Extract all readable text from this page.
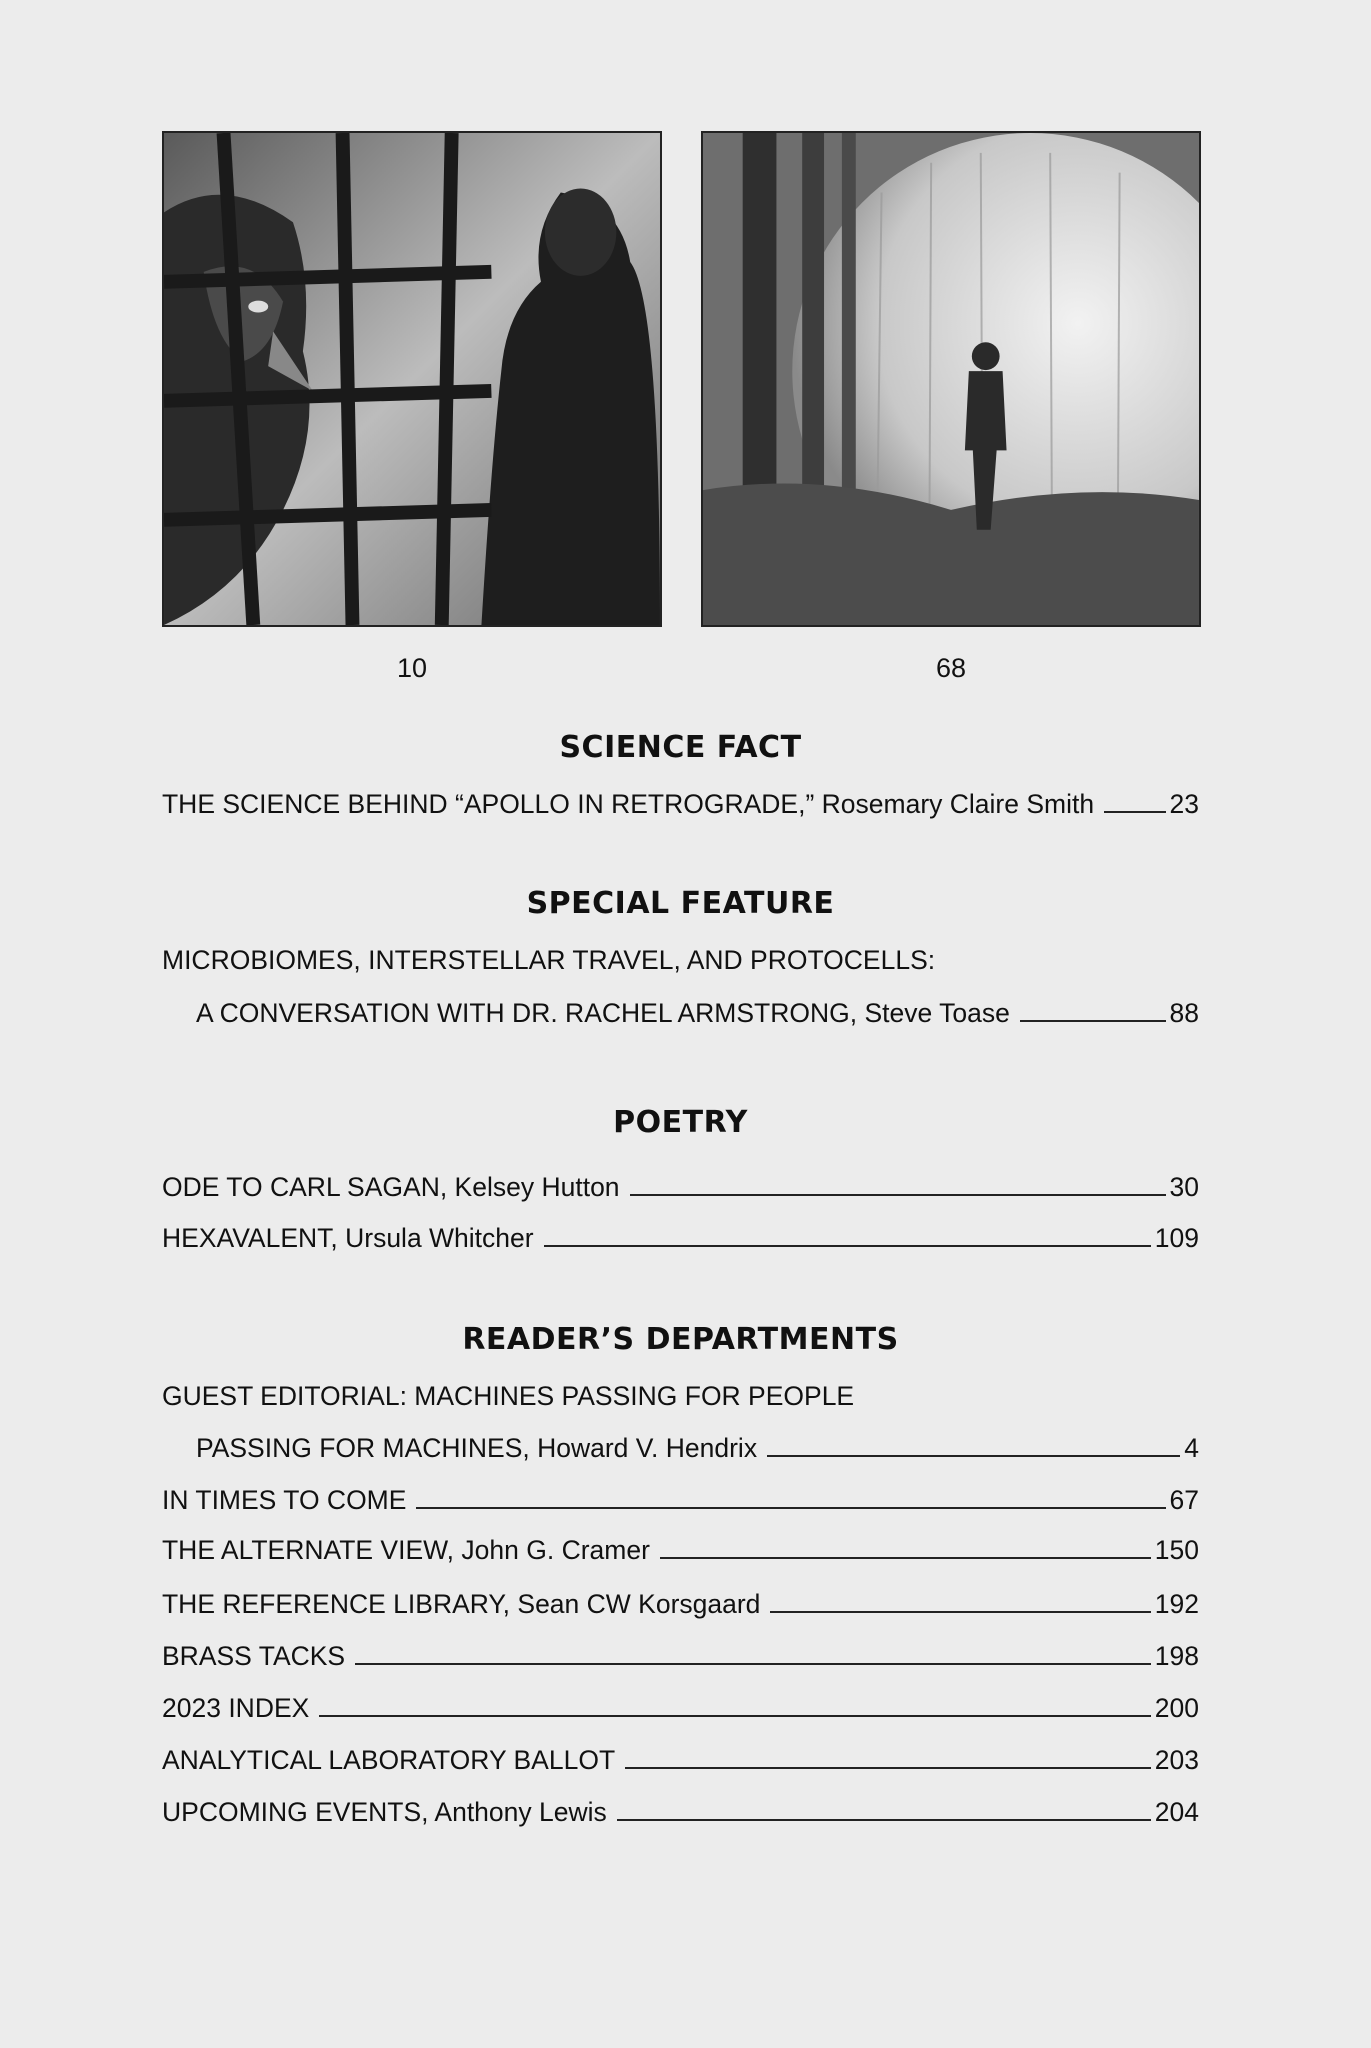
10	68
SCIENCE FACT
THE SCIENCE BEHIND “APOLLO IN RETROGRADE,” Rosemary Claire Smith	23
SPECIAL FEATURE
MICROBIOMES, INTERSTELLAR TRAVEL, AND PROTOCELLS:
A CONVERSATION WITH DR. RACHEL ARMSTRONG, Steve Toase	88
POETRY
ODE TO CARL SAGAN, Kelsey Hutton	30
HEXAVALENT, Ursula Whitcher	109
READER’S DEPARTMENTS
GUEST EDITORIAL: MACHINES PASSING FOR PEOPLE
PASSING FOR MACHINES, Howard V. Hendrix	4
IN TIMES TO COME	67
THE ALTERNATE VIEW, John G. Cramer	150
THE REFERENCE LIBRARY, Sean CW Korsgaard	192
BRASS TACKS	198
2023 INDEX	200
ANALYTICAL LABORATORY BALLOT	203
UPCOMING EVENTS, Anthony Lewis	204
